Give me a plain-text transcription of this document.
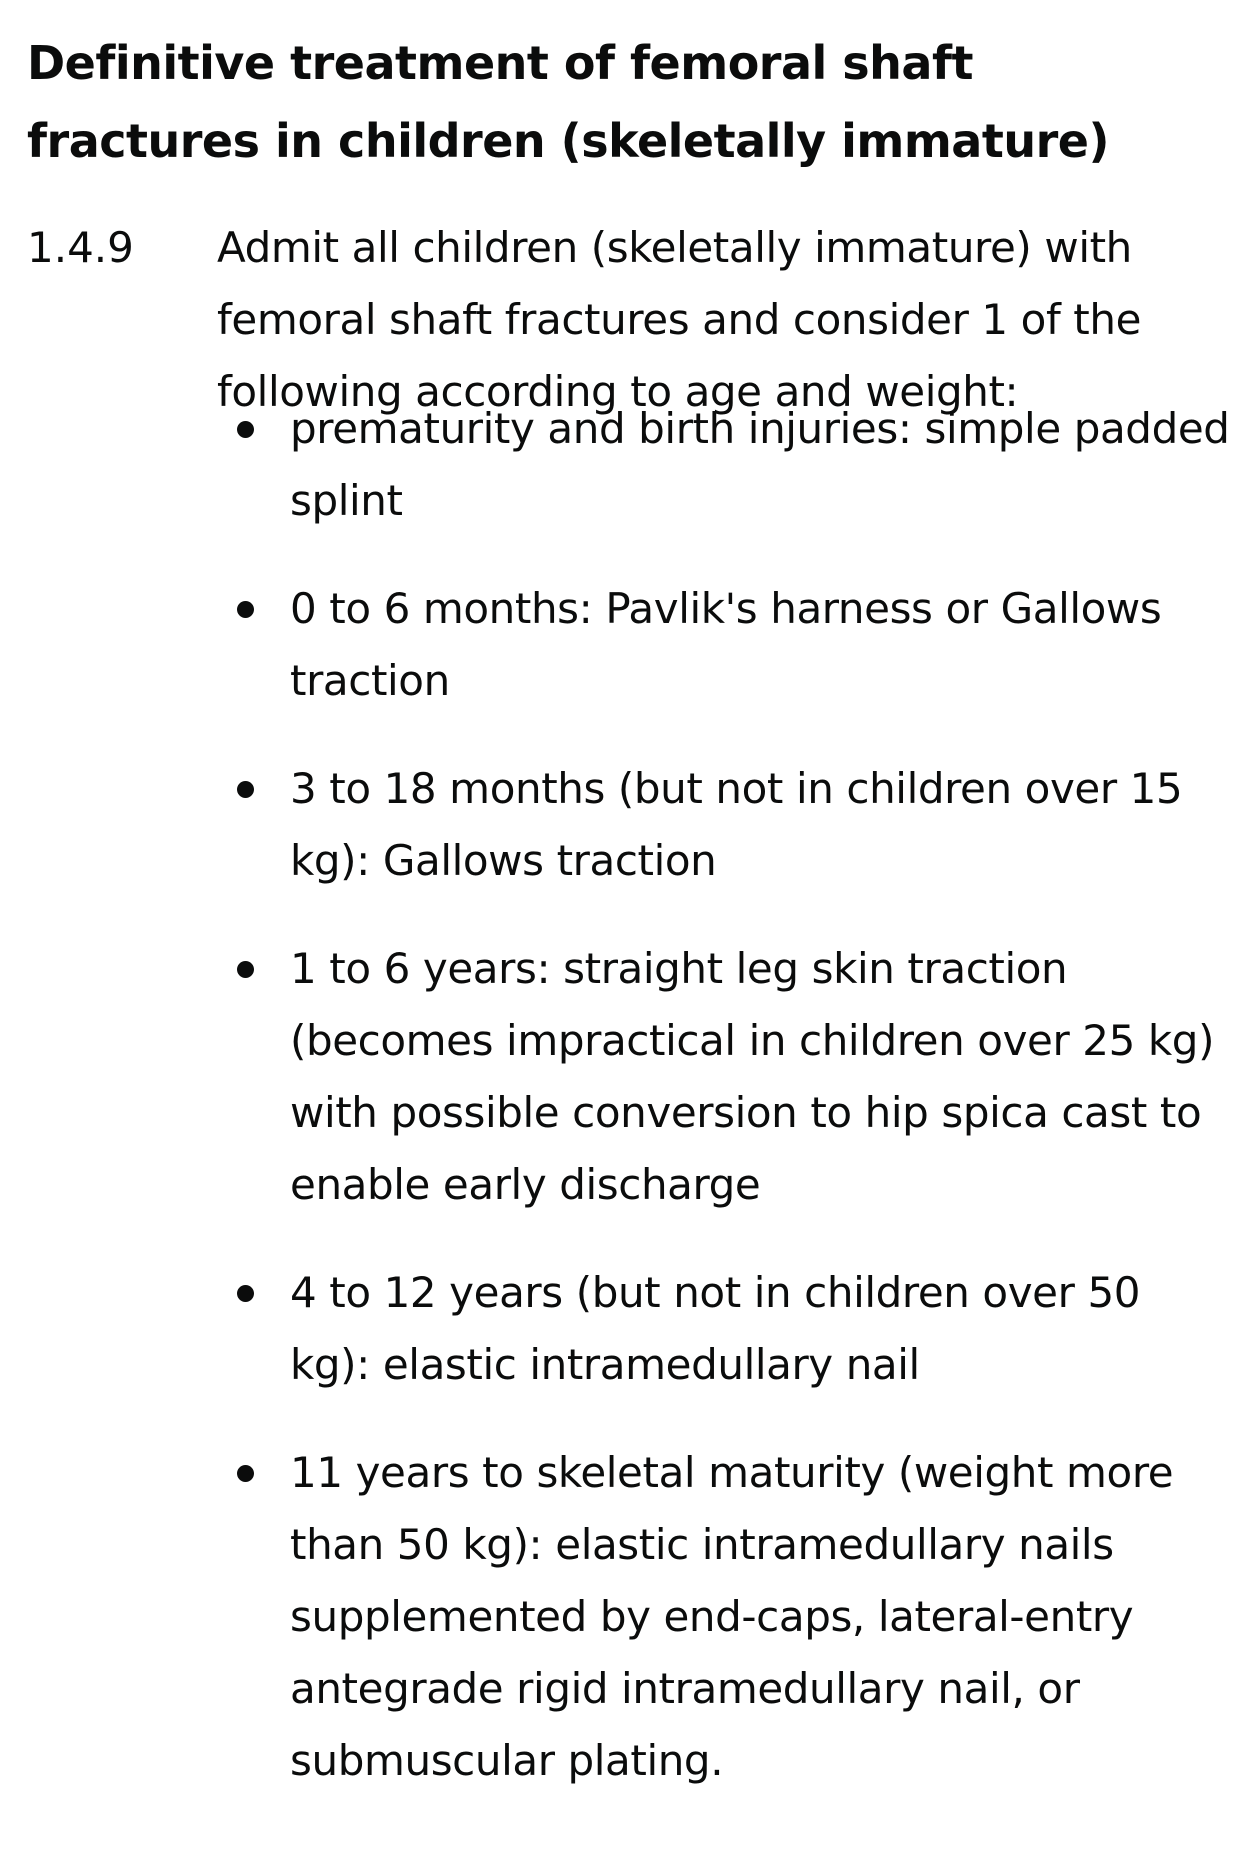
Definitive treatment of femoral shaft fractures in children (skeletally immature)
1.4.9 Admit all children (skeletally immature) with femoral shaft fractures and consider 1 of the following according to age and weight:
prematurity and birth injuries: simple padded splint
0 to 6 months: Pavlik's harness or Gallows traction
3 to 18 months (but not in children over 15 kg): Gallows traction
1 to 6 years: straight leg skin traction (becomes impractical in children over 25 kg) with possible conversion to hip spica cast to enable early discharge
4 to 12 years (but not in children over 50 kg): elastic intramedullary nail
11 years to skeletal maturity (weight more than 50 kg): elastic intramedullary nails supplemented by end-caps, lateral-entry antegrade rigid intramedullary nail, or submuscular plating.
